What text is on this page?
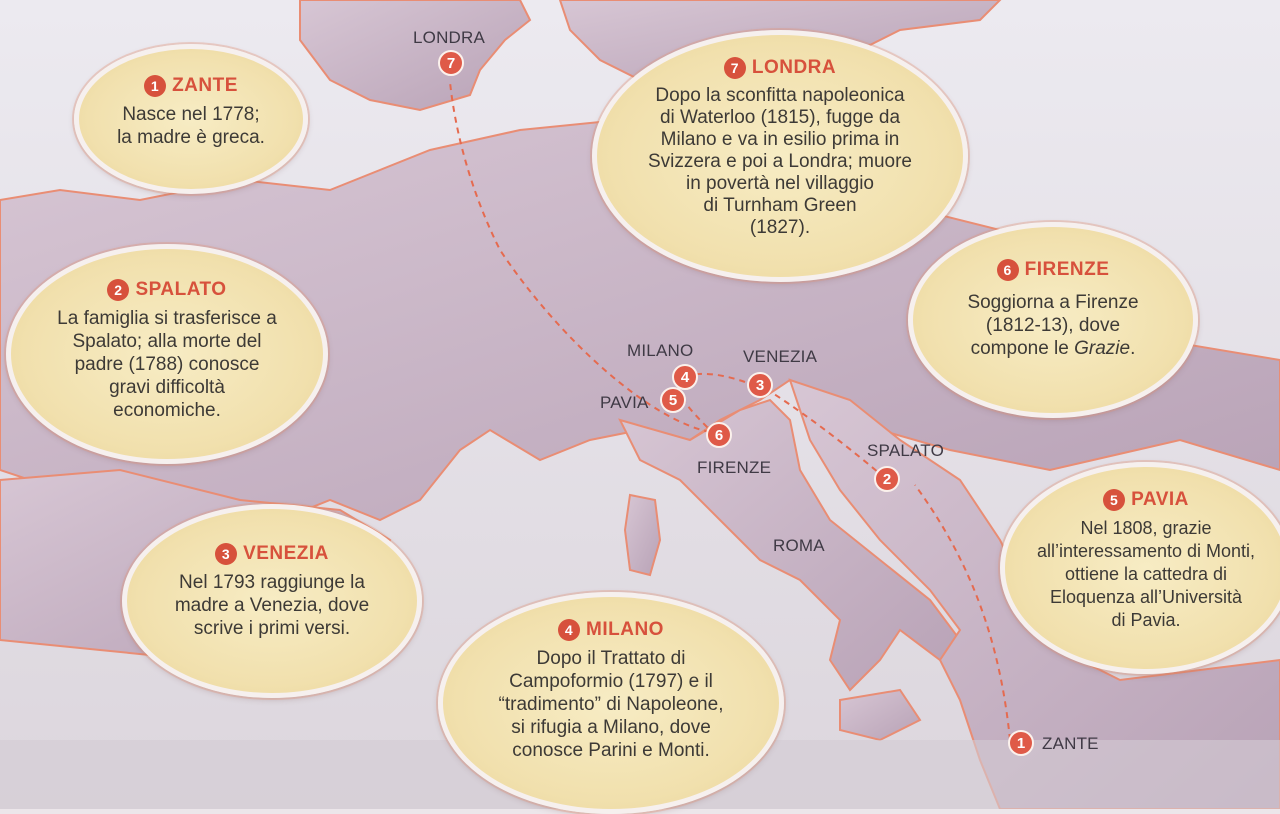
LONDRA
MILANO	VENEZIA
PAVIA
FIRENZE
SPALATO
ROMA
ZANTE
7
4	3
5
6
2
1
1 ZANTE
Nasce nel 1778;
la madre è greca.
2 SPALATO
La famiglia si trasferisce a
Spalato; alla morte del
padre (1788) conosce
gravi difficoltà
economiche.
3 VENEZIA
Nel 1793 raggiunge la
madre a Venezia, dove
scrive i primi versi.	4 MILANO
Dopo il Trattato di
Campoformio (1797) e il
“tradimento” di Napoleone,
si rifugia a Milano, dove
conosce Parini e Monti.
5 PAVIA
Nel 1808, grazie
all’interessamento di Monti,
ottiene la cattedra di
Eloquenza all’Università
di Pavia.
6 FIRENZE
Soggiorna a Firenze
(1812-13), dove
compone le Grazie.
7 LONDRA
Dopo la sconfitta napoleonica
di Waterloo (1815), fugge da
Milano e va in esilio prima in
Svizzera e poi a Londra; muore
in povertà nel villaggio
di Turnham Green
(1827).
